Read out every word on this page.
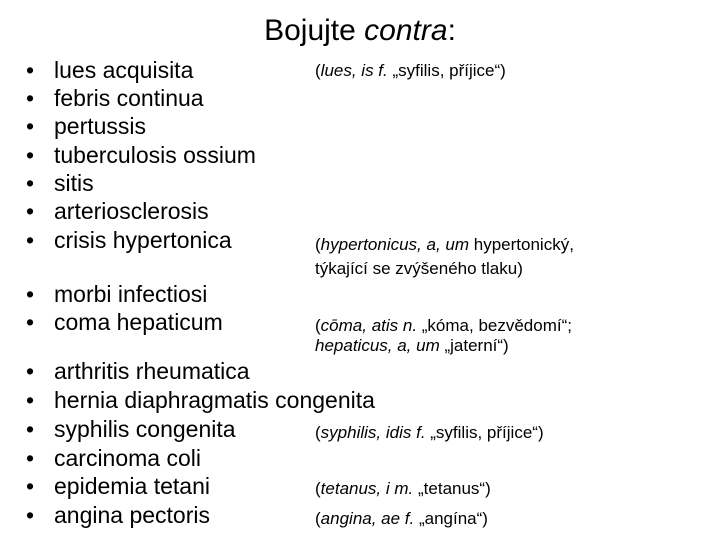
Bojujte contra:
• lues acquisita
• febris continua
• pertussis
• tuberculosis ossium
• sitis
• arteriosclerosis
• crisis hypertonica
• morbi infectiosi
• coma hepaticum
• arthritis rheumatica
• hernia diaphragmatis congenita
• syphilis congenita
• carcinoma coli
• epidemia tetani
• angina pectoris
(lues, is f. „syfilis, příjice“)
(hypertonicus, a, um hypertonický,
týkající se zvýšeného tlaku)
(cōma, atis n. „kóma, bezvědomí“;
hepaticus, a, um „jaterní“)
(syphilis, idis f. „syfilis, příjice“)
(tetanus, i m. „tetanus“)
(angina, ae f. „angína“)
